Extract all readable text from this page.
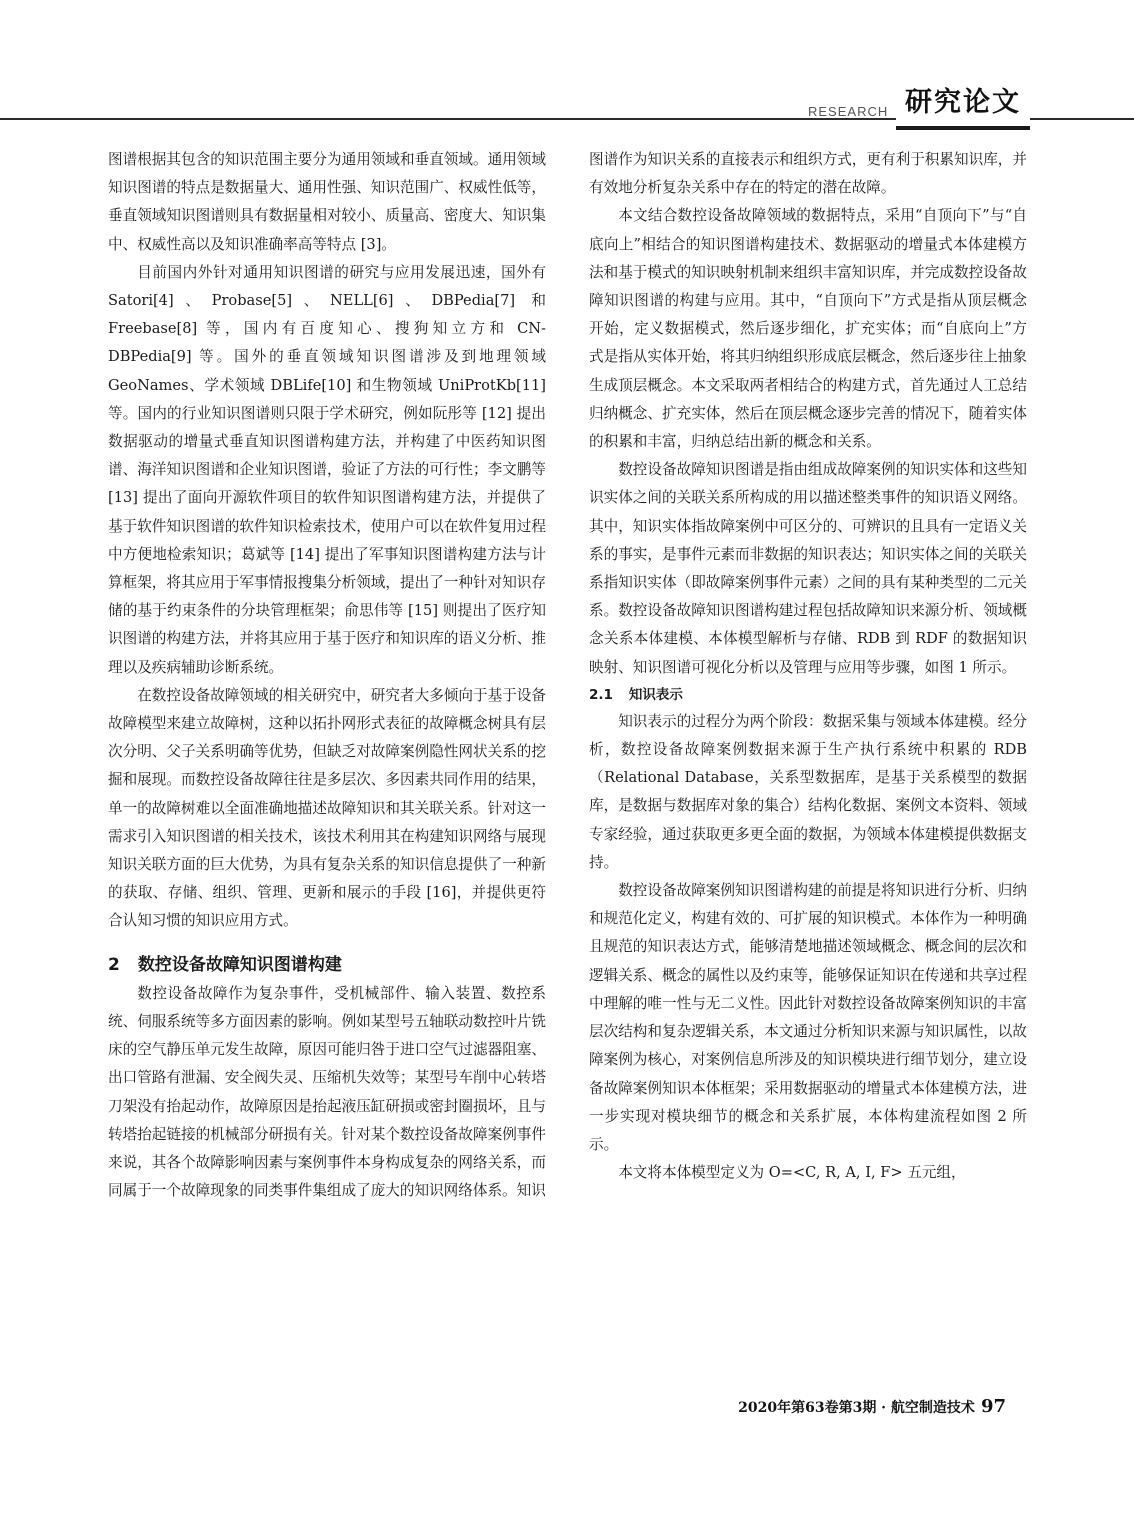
RESEARCH 研究论文

图谱根据其包含的知识范围主要分为通用领域和垂直领域。通用领域知识图谱的特点是数据量大、通用性强、知识范围广、权威性低等，垂直领域知识图谱则具有数据量相对较小、质量高、密度大、知识集中、权威性高以及知识准确率高等特点 [3]。

目前国内外针对通用知识图谱的研究与应用发展迅速，国外有 Satori[4]、Probase[5]、NELL[6]、DBPedia[7] 和 Freebase[8] 等，国内有百度知心、搜狗知立方和 CN-DBPedia[9] 等。国外的垂直领域知识图谱涉及到地理领域 GeoNames、学术领域 DBLife[10] 和生物领域 UniProtKb[11] 等。国内的行业知识图谱则只限于学术研究，例如阮彤等 [12] 提出数据驱动的增量式垂直知识图谱构建方法，并构建了中医药知识图谱、海洋知识图谱和企业知识图谱，验证了方法的可行性；李文鹏等 [13] 提出了面向开源软件项目的软件知识图谱构建方法，并提供了基于软件知识图谱的软件知识检索技术，使用户可以在软件复用过程中方便地检索知识；葛斌等 [14] 提出了军事知识图谱构建方法与计算框架，将其应用于军事情报搜集分析领域，提出了一种针对知识存储的基于约束条件的分块管理框架；俞思伟等 [15] 则提出了医疗知识图谱的构建方法，并将其应用于基于医疗和知识库的语义分析、推理以及疾病辅助诊断系统。

在数控设备故障领域的相关研究中，研究者大多倾向于基于设备故障模型来建立故障树，这种以拓扑网形式表征的故障概念树具有层次分明、父子关系明确等优势，但缺乏对故障案例隐性网状关系的挖掘和展现。而数控设备故障往往是多层次、多因素共同作用的结果，单一的故障树难以全面准确地描述故障知识和其关联关系。针对这一需求引入知识图谱的相关技术，该技术利用其在构建知识网络与展现知识关联方面的巨大优势，为具有复杂关系的知识信息提供了一种新的获取、存储、组织、管理、更新和展示的手段 [16]，并提供更符合认知习惯的知识应用方式。

2 数控设备故障知识图谱构建

数控设备故障作为复杂事件，受机械部件、输入装置、数控系统、伺服系统等多方面因素的影响。例如某型号五轴联动数控叶片铣床的空气静压单元发生故障，原因可能归咎于进口空气过滤器阻塞、出口管路有泄漏、安全阀失灵、压缩机失效等；某型号车削中心转塔刀架没有抬起动作，故障原因是抬起液压缸研损或密封圈损坏，且与转塔抬起链接的机械部分研损有关。针对某个数控设备故障案例事件来说，其各个故障影响因素与案例事件本身构成复杂的网络关系，而同属于一个故障现象的同类事件集组成了庞大的知识网络体系。知识

图谱作为知识关系的直接表示和组织方式，更有利于积累知识库，并有效地分析复杂关系中存在的特定的潜在故障。

本文结合数控设备故障领域的数据特点，采用“自顶向下”与“自底向上”相结合的知识图谱构建技术、数据驱动的增量式本体建模方法和基于模式的知识映射机制来组织丰富知识库，并完成数控设备故障知识图谱的构建与应用。其中，“自顶向下”方式是指从顶层概念开始，定义数据模式，然后逐步细化，扩充实体；而“自底向上”方式是指从实体开始，将其归纳组织形成底层概念，然后逐步往上抽象生成顶层概念。本文采取两者相结合的构建方式，首先通过人工总结归纳概念、扩充实体，然后在顶层概念逐步完善的情况下，随着实体的积累和丰富，归纳总结出新的概念和关系。

数控设备故障知识图谱是指由组成故障案例的知识实体和这些知识实体之间的关联关系所构成的用以描述整类事件的知识语义网络。其中，知识实体指故障案例中可区分的、可辨识的且具有一定语义关系的事实，是事件元素而非数据的知识表达；知识实体之间的关联关系指知识实体（即故障案例事件元素）之间的具有某种类型的二元关系。数控设备故障知识图谱构建过程包括故障知识来源分析、领域概念关系本体建模、本体模型解析与存储、RDB 到 RDF 的数据知识映射、知识图谱可视化分析以及管理与应用等步骤，如图 1 所示。

2.1 知识表示

知识表示的过程分为两个阶段：数据采集与领域本体建模。经分析，数控设备故障案例数据来源于生产执行系统中积累的 RDB（Relational Database，关系型数据库，是基于关系模型的数据库，是数据与数据库对象的集合）结构化数据、案例文本资料、领域专家经验，通过获取更多更全面的数据，为领域本体建模提供数据支持。

数控设备故障案例知识图谱构建的前提是将知识进行分析、归纳和规范化定义，构建有效的、可扩展的知识模式。本体作为一种明确且规范的知识表达方式，能够清楚地描述领域概念、概念间的层次和逻辑关系、概念的属性以及约束等，能够保证知识在传递和共享过程中理解的唯一性与无二义性。因此针对数控设备故障案例知识的丰富层次结构和复杂逻辑关系，本文通过分析知识来源与知识属性，以故障案例为核心，对案例信息所涉及的知识模块进行细节划分，建立设备故障案例知识本体框架；采用数据驱动的增量式本体建模方法，进一步实现对模块细节的概念和关系扩展，本体构建流程如图 2 所示。

本文将本体模型定义为 O=<C, R, A, I, F> 五元组，

2020年第63卷第3期 · 航空制造技术 97
